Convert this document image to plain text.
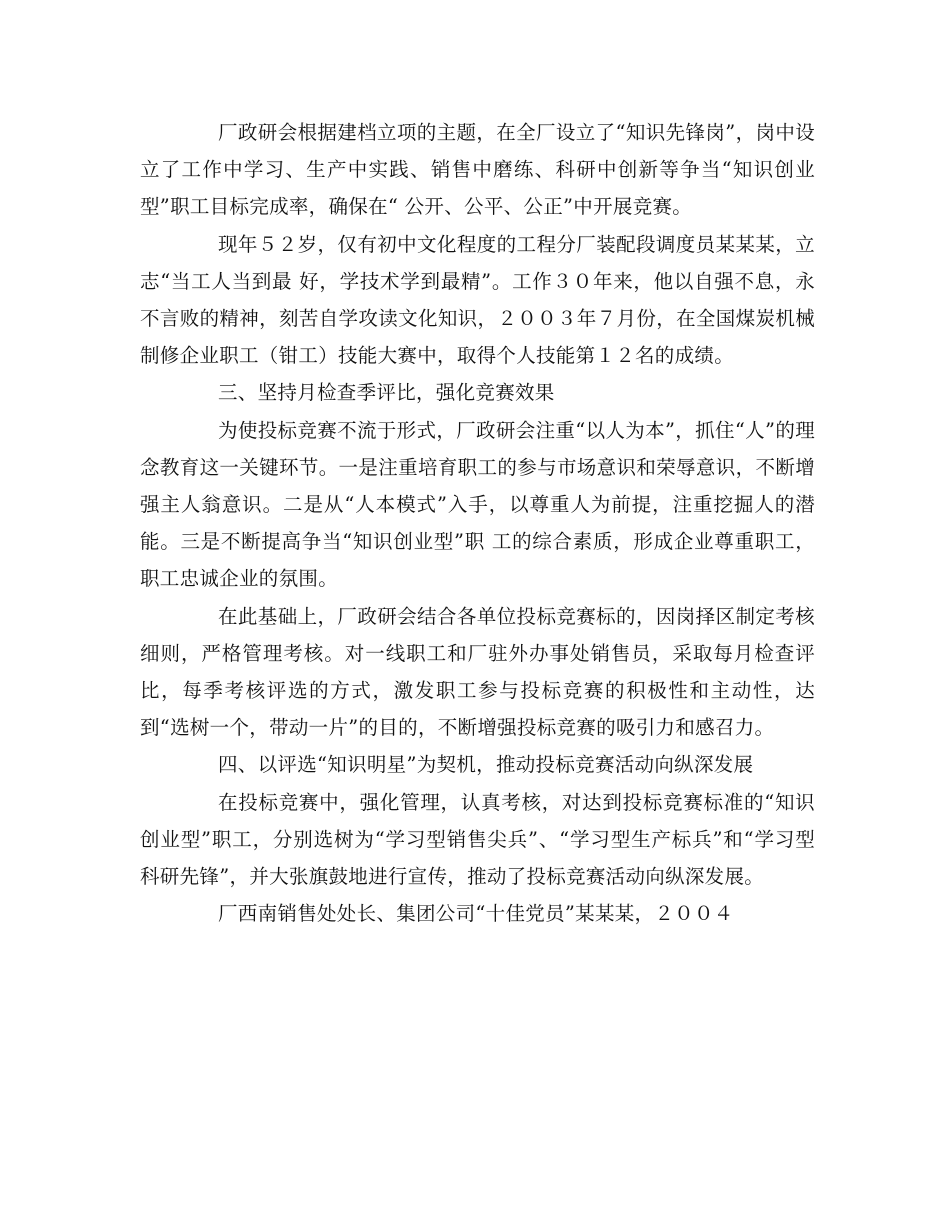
厂政研会根据建档立项的主题，在全厂设立了“知识先锋岗”，岗中设立了工作中学习、生产中实践、销售中磨练、科研中创新等争当“知识创业型”职工目标完成率，确保在“ 公开、公平、公正”中开展竞赛。

现年５２岁，仅有初中文化程度的工程分厂装配段调度员某某某，立志“当工人当到最 好，学技术学到最精”。工作３０年来，他以自强不息，永不言败的精神，刻苦自学攻读文化知识，２００３年７月份，在全国煤炭机械制修企业职工（钳工）技能大赛中，取得个人技能第１２名的成绩。

三、坚持月检查季评比，强化竞赛效果

为使投标竞赛不流于形式，厂政研会注重“以人为本”，抓住“人”的理念教育这一关键环节。一是注重培育职工的参与市场意识和荣辱意识，不断增强主人翁意识。二是从“人本模式”入手，以尊重人为前提，注重挖掘人的潜能。三是不断提高争当“知识创业型”职 工的综合素质，形成企业尊重职工，职工忠诚企业的氛围。

在此基础上，厂政研会结合各单位投标竞赛标的，因岗择区制定考核细则，严格管理考核。对一线职工和厂驻外办事处销售员，采取每月检查评比，每季考核评选的方式，激发职工参与投标竞赛的积极性和主动性，达到“选树一个，带动一片”的目的，不断增强投标竞赛的吸引力和感召力。

四、以评选“知识明星”为契机，推动投标竞赛活动向纵深发展

在投标竞赛中，强化管理，认真考核，对达到投标竞赛标准的“知识创业型”职工，分别选树为“学习型销售尖兵”、“学习型生产标兵”和“学习型科研先锋”，并大张旗鼓地进行宣传，推动了投标竞赛活动向纵深发展。

厂西南销售处处长、集团公司“十佳党员”某某某，２００４
